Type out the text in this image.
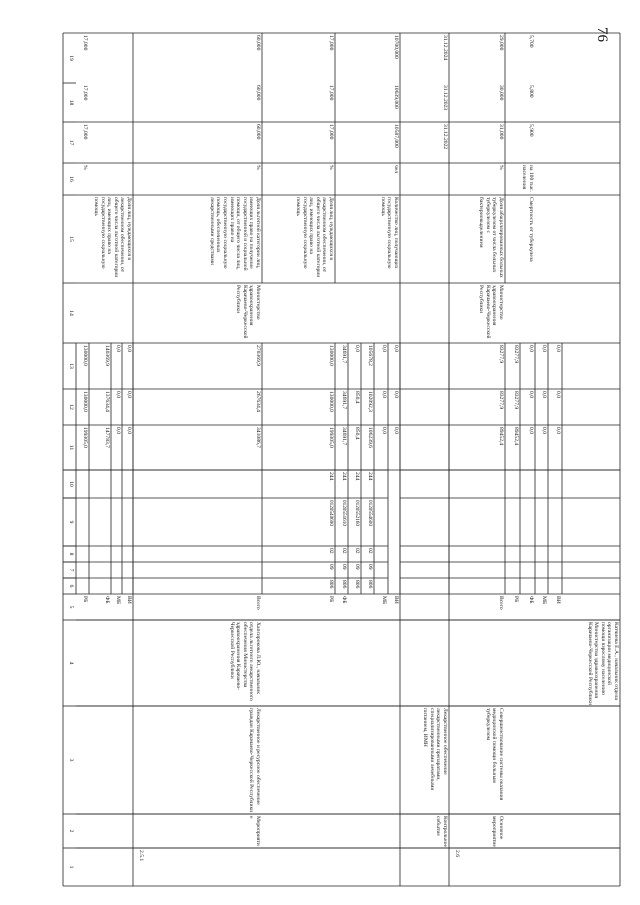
76
1
2
3
4
5
6
7
8
9
10
11
12
13
14
15
16
17
18
19
РБ	ФБ МБ ВИ
199305,0
130000,0
130000,0
147783,7
137634,4
140369,9
0,0
0,0
0,0
0,0
0,0
0,0
Доля лиц, нуждающихся в лекарственном обеспечении, от общего числа льготной категории лиц, имеющих право на государственную социальную помощь
%
17,000
17,000
17,000
2.5.1
Мероприятие
Лекарственное и ресурсное обеспечение граждан Карачаево-Черкесской Республики
Хапсирокова Л.Ю., начальник отдела льготного лекарственного обеспечения Министерства здравоохранения Карачаево-Черкесской Республики
Всего
341086,7
267634,4
270369,9
Министерство здравоохранения Карачаево-Черкесской Республики
Доля льготной категории лиц, имеющих право на получение государственной и социальной помощи, от общего числа лиц, имеющих право на государственную социальную помощь, обеспеченных лекарственными средствами
%
60,000
60,000
60,000
РБ
806
09
02
0120540690
244
199305,0
130000,0
130000,0
Доля лиц, нуждающихся в лекарственном обеспечении, от общего числа льготной категории лиц, имеющих право на государственную социальную помощь
%
17,000
17,000
17,000
ФБ
806
09
02
0120551610
244
34691,7
34691,7
34691,7
806
09
02
0120552160
244
850,4
850,4
0,0
806
09
02
0120554600
244
106239,6
102092,3
105678,2
Количество лиц, получающих государственную социальную помощь
чел
10587,000
10639,000
10700,000
МБ
0,0
0,0
0,0
ВИ
0,0
0,0
0,0
Контрольное событие
Лекарственное обеспечение лекарственными препаратами, специализированными лечебными питанием, ИМН
31.12.2022
31.12.2023
31.12.2024
2.6
Основное мероприятие
Совершенствование системы оказания медицинской помощи больным туберкулезом
Катчиева Е.А., начальник отдела организации медицинской помощи взрослому населению Министерства здравоохранения Карачаево-Черкесской Республики
Всего
89452,4
83277,9
83277,9
Министерство здравоохранения Карачаево-Черкесской Республики
Доля абациллированных больных туберкулезом от числа больных туберкулезом с бактериовыделением
%
31,000
30,000
29,000
Смертность от туберкулеза
на 100 тыс. населения
5,900
5,800
5,700
РБ
89452,4
83277,9
83277,9
ФБ
0,0
0,0
0,0
МБ
0,0
0,0
0,0
ВИ
0,0
0,0
0,0
